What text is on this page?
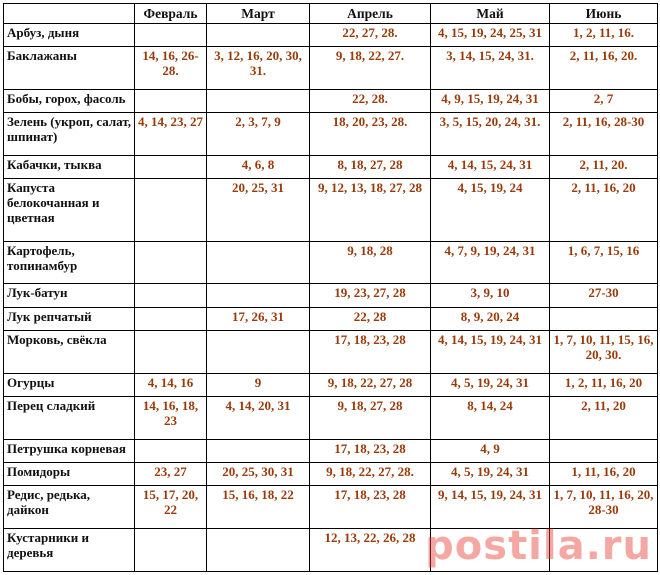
	Февраль	Март	Апрель	Май	Июнь
Арбуз, дыня			22, 27, 28.	4, 15, 19, 24, 25, 31	1, 2, 11, 16.
Баклажаны	14, 16, 26-28.	3, 12, 16, 20, 30, 31.	9, 18, 22, 27.	3, 14, 15, 24, 31.	2, 11, 16, 20.
Бобы, горох, фасоль			22, 28.	4, 9, 15, 19, 24, 31	2, 7
Зелень (укроп, салат, шпинат)	4, 14, 23, 27	2, 3, 7, 9	18, 20, 23, 28.	3, 5, 15, 20, 24, 31.	2, 11, 16, 28-30
Кабачки, тыква		4, 6, 8	8, 18, 27, 28	4, 14, 15, 24, 31	2, 11, 20.
Капуста белокочанная и цветная		20, 25, 31	9, 12, 13, 18, 27, 28	4, 15, 19, 24	2, 11, 16, 20
Картофель, топинамбур			9, 18, 28	4, 7, 9, 19, 24, 31	1, 6, 7, 15, 16
Лук-батун			19, 23, 27, 28	3, 9, 10	27-30
Лук репчатый		17, 26, 31	22, 28	8, 9, 20, 24	
Морковь, свёкла			17, 18, 23, 28	4, 14, 15, 19, 24, 31	1, 7, 10, 11, 15, 16, 20, 30.
Огурцы	4, 14, 16	9	9, 18, 22, 27, 28	4, 5, 19, 24, 31	1, 2, 11, 16, 20
Перец сладкий	14, 16, 18, 23	4, 14, 20, 31	9, 18, 27, 28	8, 14, 24	2, 11, 20
Петрушка корневая			17, 18, 23, 28	4, 9	
Помидоры	23, 27	20, 25, 30, 31	9, 18, 22, 27, 28.	4, 5, 19, 24, 31	1, 11, 16, 20
Редис, редька, дайкон	15, 17, 20, 22	15, 16, 18, 22	17, 18, 23, 28	9, 14, 15, 19, 24, 31	1, 7, 10, 11, 16, 20, 28-30
Кустарники и деревья			12, 13, 22, 26, 28		postila.ru
